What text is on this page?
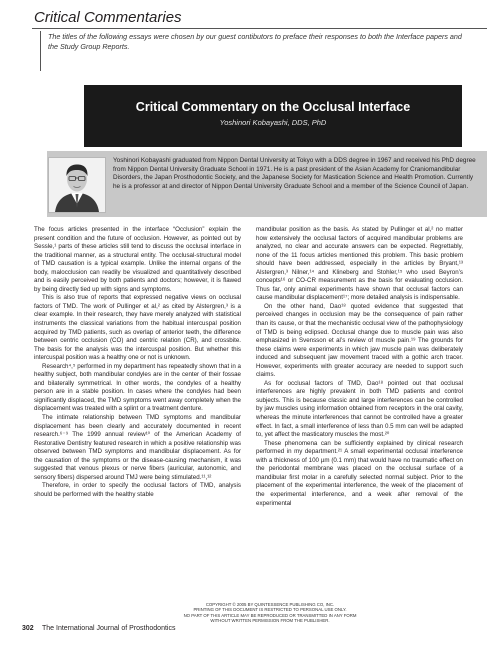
Critical Commentaries
The titles of the following essays were chosen by our guest contibutors to preface their responses to both the Interface papers and the Study Group Reports.
Critical Commentary on the Occlusal Interface
Yoshinori Kobayashi, DDS, PhD
Yoshinori Kobayashi graduated from Nippon Dental University at Tokyo with a DDS degree in 1967 and received his PhD degree from Nippon Dental University Graduate School in 1971. He is a past president of the Asian Academy for Craniomandibular Disorders, the Japan Prosthodontic Society, and the Japanese Society for Mastication Science and Health Promotion. Currently he is a professor at and director of Nippon Dental University Graduate School and a member of the Science Council of Japan.

The focus articles presented in the interface “Occlusion” explain the present condition and the future of occlusion. However, as pointed out by Sessle,¹ parts of these articles still tend to discuss the occlusal interface in the traditional manner, as a structural entity. The occlusal-structural model of TMD causation is a typical example. Unlike the internal organs of the body, malocclusion can readily be visualized and quantitatively described and is easily perceived by both patients and doctors; however, it is flawed by being directly tied up with signs and symptoms.

This is also true of reports that expressed negative views on occlusal factors of TMD. The work of Pullinger et al,² as cited by Alstergren,³ is a clear example. In their research, they have merely analyzed with statistical instruments the classical variations from the habitual intercuspal position acquired by TMD patients, such as overlap of anterior teeth, the difference between centric occlusion (CO) and centric relation (CR), and crossbite. The basis for the analysis was the intercuspal position. But whether this intercuspal position was a healthy one or not is unknown.

Research⁴,⁵ performed in my department has repeatedly shown that in a healthy subject, both mandibular condyles are in the center of their fossae and bilaterally symmetrical. In other words, the condyles of a healthy person are in a stable position. In cases where the condyles had been significantly displaced, the TMD symptoms went away completely when the displacement was treated with a splint or a treatment denture.

The intimate relationship between TMD symptoms and mandibular displacement has been clearly and accurately documented in recent research.⁶⁻⁹ The 1999 annual review¹⁰ of the American Academy of Restorative Dentistry featured research in which a positive relationship was observed between TMD symptoms and mandibular displacement. As for the causation of the symptoms or the disease-causing mechanism, it was suggested that venous plexus or nerve fibers (auricular, autonomic, and sensory fibers) dispersed around TMJ were being stimulated.¹¹,¹²

Therefore, in order to specify the occlusal factors of TMD, analysis should be performed with the healthy stable

mandibular position as the basis. As stated by Pullinger et al,² no matter how extensively the occlusal factors of acquired mandibular problems are analyzed, no clear and accurate answers can be expected. Regrettably, none of the 11 focus articles mentioned this problem. This basic problem should have been addressed, especially in the articles by Bryant,¹³ Alstergren,³ Nilner,¹⁴ and Klineberg and Stohler,¹⁵ who used Beyron’s concepts¹⁶ or CO-CR measurement as the basis for evaluating occlusion. Thus far, only animal experiments have shown that occlusal factors can cause mandibular displacement¹⁷; more detailed analysis is indispensable.

On the other hand, Dao¹⁸ quoted evidence that suggested that perceived changes in occlusion may be the consequence of pain rather than its cause, or that the mechanistic occlusal view of the pathophysiology of TMD is being eclipsed. Occlusal change due to muscle pain was also emphasized in Svensson et al’s review of muscle pain.¹⁹ The grounds for these claims were experiments in which jaw muscle pain was deliberately induced and subsequent jaw movement traced with a gothic arch tracer. However, experiments with greater accuracy are needed to support such claims.

As for occlusal factors of TMD, Dao¹⁸ pointed out that occlusal interferences are highly prevalent in both TMD patients and control subjects. This is because classic and large interferences can be controlled by jaw muscles using information obtained from receptors in the oral cavity, whereas the minute interferences that cannot be controlled have a greater effect. In fact, a small interference of less than 0.5 mm can well be adapted to, yet affect the masticatory muscles the most.²⁰

These phenomena can be sufficiently explained by clinical research performed in my department.²¹ A small experimental occlusal interference with a thickness of 100 µm (0.1 mm) that would have no traumatic effect on the periodontal membrane was placed on the occlusal surface of a mandibular first molar in a carefully selected normal subject. Prior to the placement of the experimental interference, the week of the placement of the experimental interference, and a week after removal of the experimental

COPYRIGHT © 2005 BY QUINTESSENCE PUBLISHING CO, INC.
PRINTING OF THIS DOCUMENT IS RESTRICTED TO PERSONAL USE ONLY.
NO PART OF THIS ARTICLE MAY BE REPRODUCED OR TRANSMITTED IN ANY FORM
WITHOUT WRITTEN PERMISSION FROM THE PUBLISHER.
302 The International Journal of Prosthodontics
